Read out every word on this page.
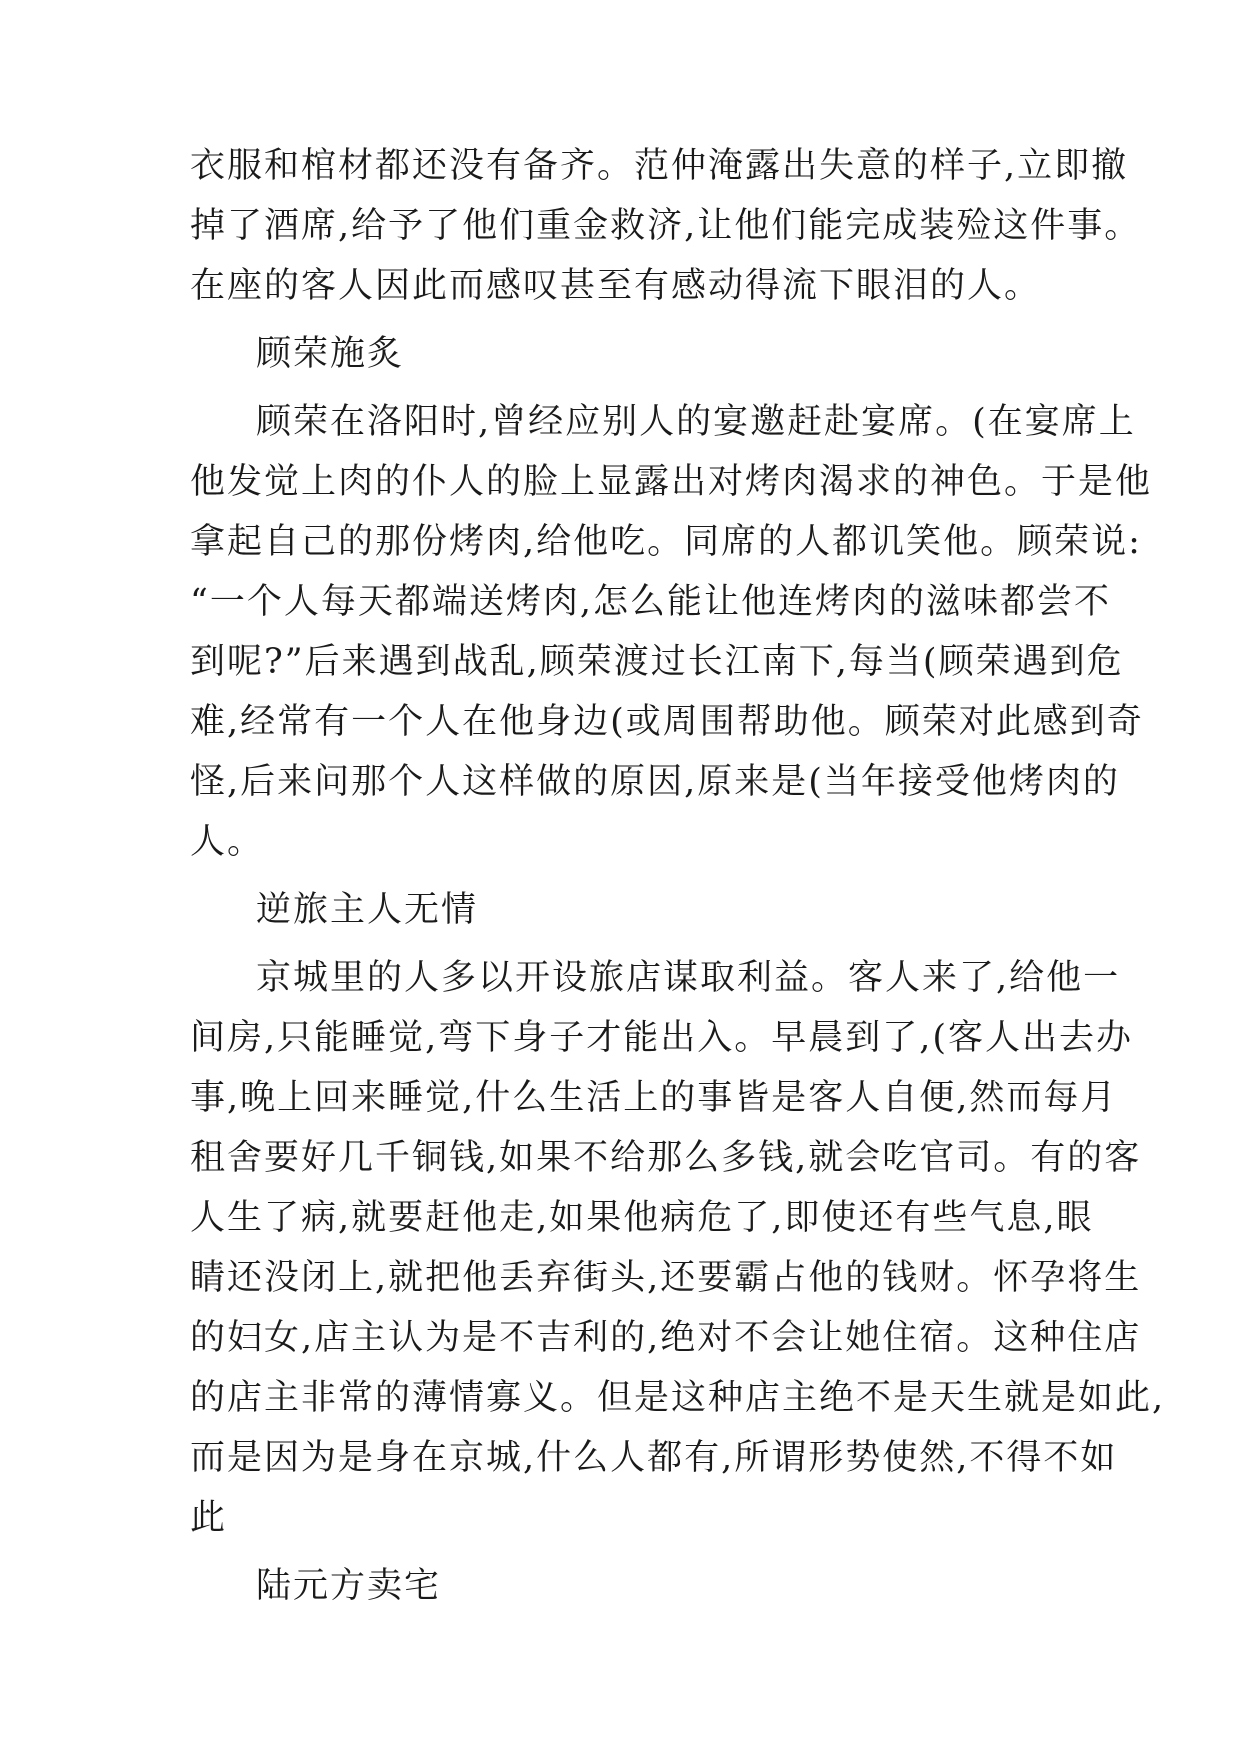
衣服和棺材都还没有备齐。范仲淹露出失意的样子,立即撤
掉了酒席,给予了他们重金救济,让他们能完成装殓这件事。
在座的客人因此而感叹甚至有感动得流下眼泪的人。
顾荣施炙
顾荣在洛阳时,曾经应别人的宴邀赶赴宴席。(在宴席上
他发觉上肉的仆人的脸上显露出对烤肉渴求的神色。于是他
拿起自己的那份烤肉,给他吃。同席的人都讥笑他。顾荣说:
“一个人每天都端送烤肉,怎么能让他连烤肉的滋味都尝不
到呢?”后来遇到战乱,顾荣渡过长江南下,每当(顾荣遇到危
难,经常有一个人在他身边(或周围帮助他。顾荣对此感到奇
怪,后来问那个人这样做的原因,原来是(当年接受他烤肉的
人。
逆旅主人无情
京城里的人多以开设旅店谋取利益。客人来了,给他一
间房,只能睡觉,弯下身子才能出入。早晨到了,(客人出去办
事,晚上回来睡觉,什么生活上的事皆是客人自便,然而每月
租舍要好几千铜钱,如果不给那么多钱,就会吃官司。有的客
人生了病,就要赶他走,如果他病危了,即使还有些气息,眼
睛还没闭上,就把他丢弃街头,还要霸占他的钱财。怀孕将生
的妇女,店主认为是不吉利的,绝对不会让她住宿。这种住店
的店主非常的薄情寡义。但是这种店主绝不是天生就是如此,
而是因为是身在京城,什么人都有,所谓形势使然,不得不如
此
陆元方卖宅
